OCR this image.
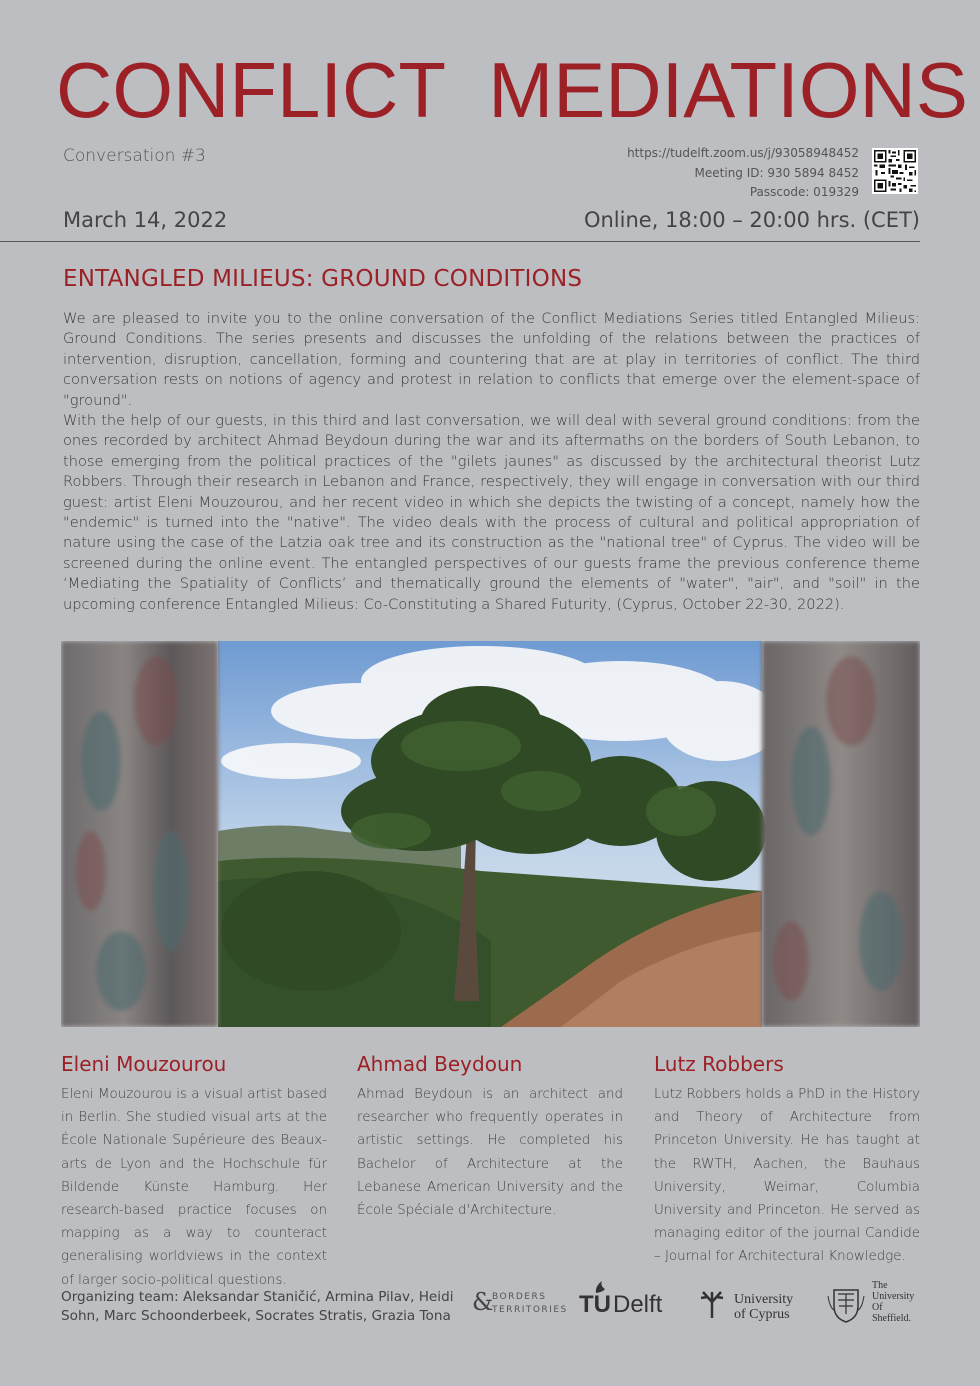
CONFLICT MEDIATIONS
Conversation #3	https://tudelft.zoom.us/j/93058948452
Meeting ID: 930 5894 8452
Passcode: 019329
March 14, 2022	Online, 18:00 – 20:00 hrs. (CET)
ENTANGLED MILIEUS: GROUND CONDITIONS

We are pleased to invite you to the online conversation of the Conflict Mediations Series titled Entangled Milieus: Ground Conditions. The series presents and discusses the unfolding of the relations between the practices of intervention, disruption, cancellation, forming and countering that are at play in territories of conflict. The third conversation rests on notions of agency and protest in relation to conflicts that emerge over the element-space of "ground".

With the help of our guests, in this third and last conversation, we will deal with several ground conditions: from the ones recorded by architect Ahmad Beydoun during the war and its aftermaths on the borders of South Lebanon, to those emerging from the political practices of the "gilets jaunes" as discussed by the architectural theorist Lutz Robbers. Through their research in Lebanon and France, respectively, they will engage in conversation with our third guest: artist Eleni Mouzourou, and her recent video in which she depicts the twisting of a concept, namely how the "endemic" is turned into the "native". The video deals with the process of cultural and political appropriation of nature using the case of the Latzia oak tree and its construction as the "national tree" of Cyprus. The video will be screened during the online event. The entangled perspectives of our guests frame the previous conference theme ‘Mediating the Spatiality of Conflicts’ and thematically ground the elements of "water", "air", and "soil" in the upcoming conference Entangled Milieus: Co-Constituting a Shared Futurity, (Cyprus, October 22-30, 2022).

Eleni Mouzourou
Eleni Mouzourou is a visual artist based in Berlin. She studied visual arts at the École Nationale Supérieure des Beaux-arts de Lyon and the Hochschule für Bildende Künste Hamburg. Her research-based practice focuses on mapping as a way to counteract generalising worldviews in the context of larger socio-political questions.
Ahmad Beydoun
Ahmad Beydoun is an architect and researcher who frequently operates in artistic settings. He completed his Bachelor of Architecture at the Lebanese American University and the École Spéciale d'Architecture.
Lutz Robbers
Lutz Robbers holds a PhD in the History and Theory of Architecture from Princeton University. He has taught at the RWTH, Aachen, the Bauhaus University, Weimar, Columbia University and Princeton. He served as managing editor of the journal Candide – Journal for Architectural Knowledge.
Organizing team: Aleksandar Staničić, Armina Pilav, Heidi Sohn, Marc Schoonderbeek, Socrates Stratis, Grazia Tona &
BORDERS
TERRITORIES TU Delft	University
of Cyprus
The
University
Of
Sheffield.
